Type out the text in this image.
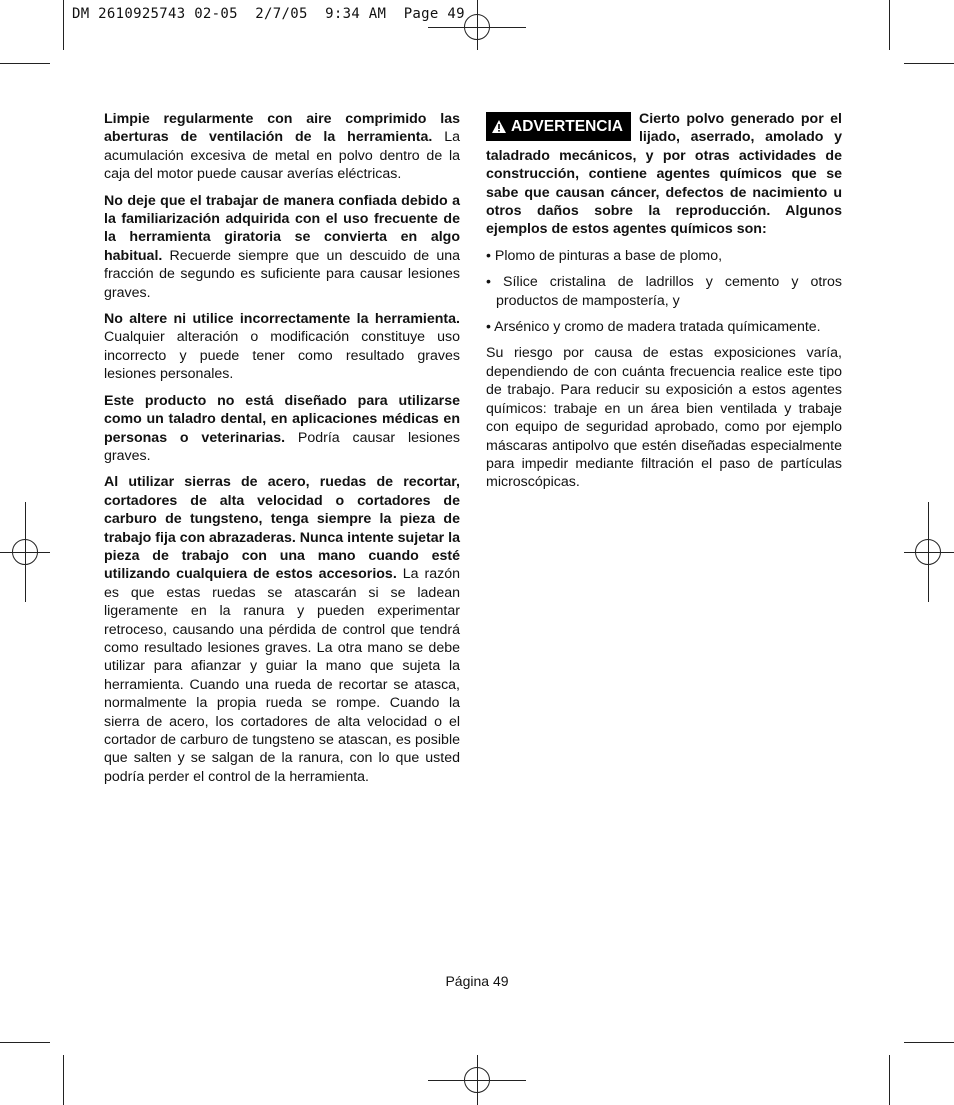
DM 2610925743 02-05  2/7/05  9:34 AM  Page 49

Limpie regularmente con aire comprimido las aberturas de ventilación de la herramienta. La acumulación excesiva de metal en polvo dentro de la caja del motor puede causar averías eléctricas.

No deje que el trabajar de manera confiada debido a la familiarización adquirida con el uso frecuente de la herramienta giratoria se convierta en algo habitual. Recuerde siempre que un descuido de una fracción de segundo es suficiente para causar lesiones graves.

No altere ni utilice incorrectamente la herramienta. Cualquier alteración o modificación constituye uso incorrecto y puede tener como resultado graves lesiones personales.

Este producto no está diseñado para utilizarse como un taladro dental, en aplicaciones médicas en personas o veterinarias. Podría causar lesiones graves.

Al utilizar sierras de acero, ruedas de recortar, cortadores de alta velocidad o cortadores de carburo de tungsteno, tenga siempre la pieza de trabajo fija con abrazaderas. Nunca intente sujetar la pieza de trabajo con una mano cuando esté utilizando cualquiera de estos accesorios. La razón es que estas ruedas se atascarán si se ladean ligeramente en la ranura y pueden experimentar retroceso, causando una pérdida de control que tendrá como resultado lesiones graves. La otra mano se debe utilizar para afianzar y guiar la mano que sujeta la herramienta. Cuando una rueda de recortar se atasca, normalmente la propia rueda se rompe. Cuando la sierra de acero, los cortadores de alta velocidad o el cortador de carburo de tungsteno se atascan, es posible que salten y se salgan de la ranura, con lo que usted podría perder el control de la herramienta.

ADVERTENCIA Cierto polvo generado por el lijado, aserrado, amolado y taladrado mecánicos, y por otras actividades de construcción, contiene agentes químicos que se sabe que causan cáncer, defectos de nacimiento u otros daños sobre la reproducción. Algunos ejemplos de estos agentes químicos son:

• Plomo de pinturas a base de plomo,

• Sílice cristalina de ladrillos y cemento y otros productos de mampostería, y

• Arsénico y cromo de madera tratada químicamente.

Su riesgo por causa de estas exposiciones varía, dependiendo de con cuánta frecuencia realice este tipo de trabajo. Para reducir su exposición a estos agentes químicos: trabaje en un área bien ventilada y trabaje con equipo de seguridad aprobado, como por ejemplo máscaras antipolvo que estén diseñadas especialmente para impedir mediante filtración el paso de partículas microscópicas.

Página 49
